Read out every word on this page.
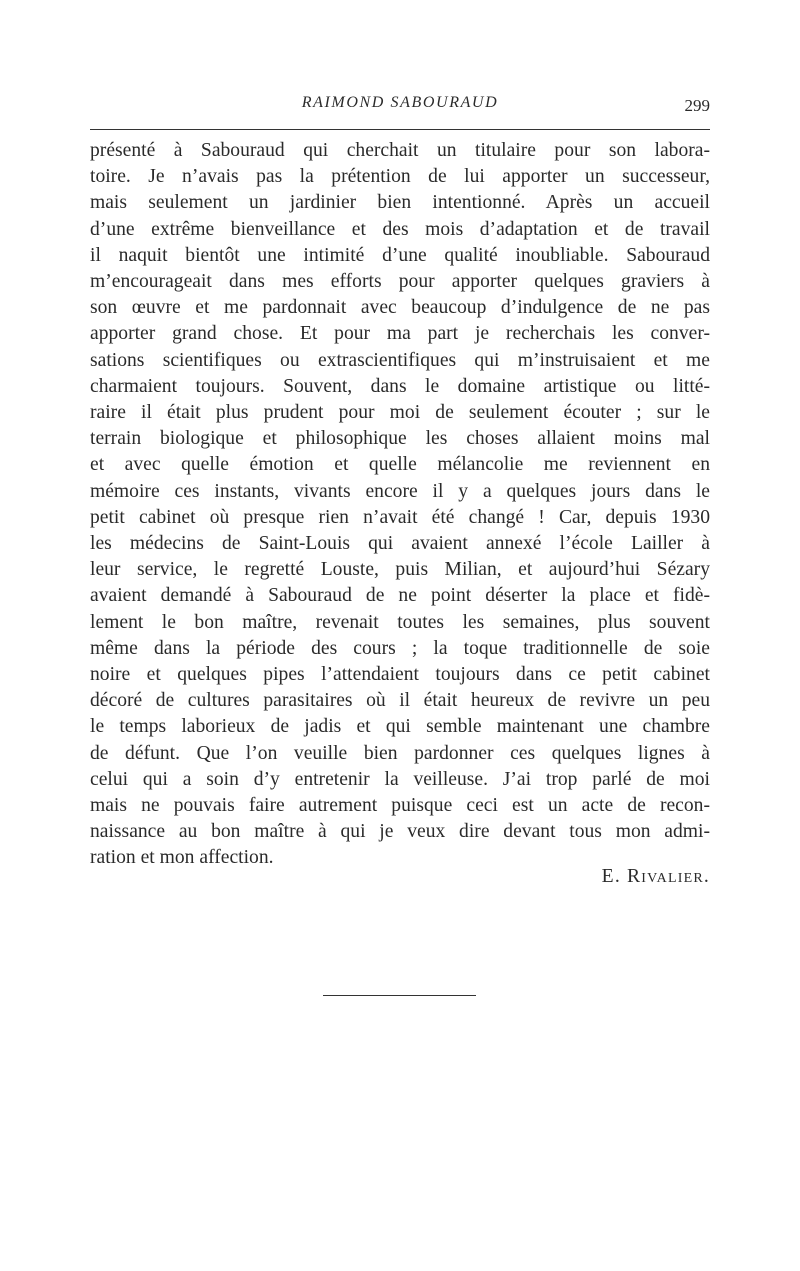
RAIMOND SABOURAUD	299
présenté à Sabouraud qui cherchait un titulaire pour son labora-
toire. Je n’avais pas la prétention de lui apporter un successeur,
mais seulement un jardinier bien intentionné. Après un accueil
d’une extrême bienveillance et des mois d’adaptation et de travail
il naquit bientôt une intimité d’une qualité inoubliable. Sabouraud
m’encourageait dans mes efforts pour apporter quelques graviers à
son œuvre et me pardonnait avec beaucoup d’indulgence de ne pas
apporter grand chose. Et pour ma part je recherchais les conver-
sations scientifiques ou extrascientifiques qui m’instruisaient et me
charmaient toujours. Souvent, dans le domaine artistique ou litté-
raire il était plus prudent pour moi de seulement écouter ; sur le
terrain biologique et philosophique les choses allaient moins mal
et avec quelle émotion et quelle mélancolie me reviennent en
mémoire ces instants, vivants encore il y a quelques jours dans le
petit cabinet où presque rien n’avait été changé ! Car, depuis 1930
les médecins de Saint-Louis qui avaient annexé l’école Lailler à
leur service, le regretté Louste, puis Milian, et aujourd’hui Sézary
avaient demandé à Sabouraud de ne point déserter la place et fidè-
lement le bon maître, revenait toutes les semaines, plus souvent
même dans la période des cours ; la toque traditionnelle de soie
noire et quelques pipes l’attendaient toujours dans ce petit cabinet
décoré de cultures parasitaires où il était heureux de revivre un peu
le temps laborieux de jadis et qui semble maintenant une chambre
de défunt. Que l’on veuille bien pardonner ces quelques lignes à
celui qui a soin d’y entretenir la veilleuse. J’ai trop parlé de moi
mais ne pouvais faire autrement puisque ceci est un acte de recon-
naissance au bon maître à qui je veux dire devant tous mon admi-
ration et mon affection.
E. Rivalier.
